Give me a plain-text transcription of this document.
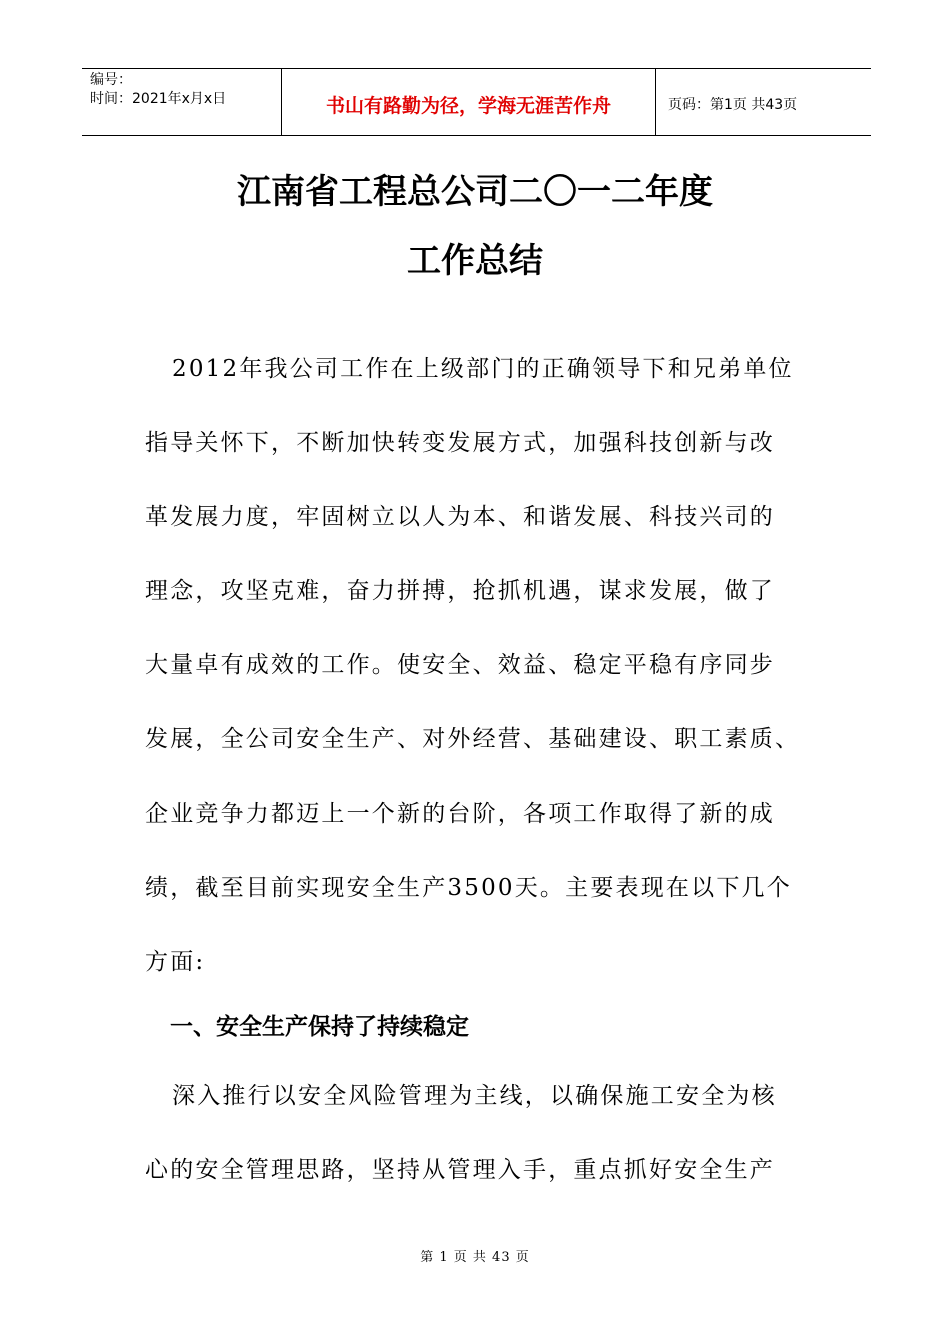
编号：
时间：2021年x月x日	书山有路勤为径，学海无涯苦作舟	页码：第1页 共43页
江南省工程总公司二〇一二年度
工作总结
2012年我公司工作在上级部门的正确领导下和兄弟单位
指导关怀下，不断加快转变发展方式，加强科技创新与改
革发展力度，牢固树立以人为本、和谐发展、科技兴司的
理念，攻坚克难，奋力拼搏，抢抓机遇，谋求发展，做了
大量卓有成效的工作。使安全、效益、稳定平稳有序同步
发展，全公司安全生产、对外经营、基础建设、职工素质、
企业竞争力都迈上一个新的台阶，各项工作取得了新的成
绩，截至目前实现安全生产3500天。主要表现在以下几个
方面:
一、安全生产保持了持续稳定
深入推行以安全风险管理为主线，以确保施工安全为核
心的安全管理思路，坚持从管理入手，重点抓好安全生产
第 1 页 共 43 页
